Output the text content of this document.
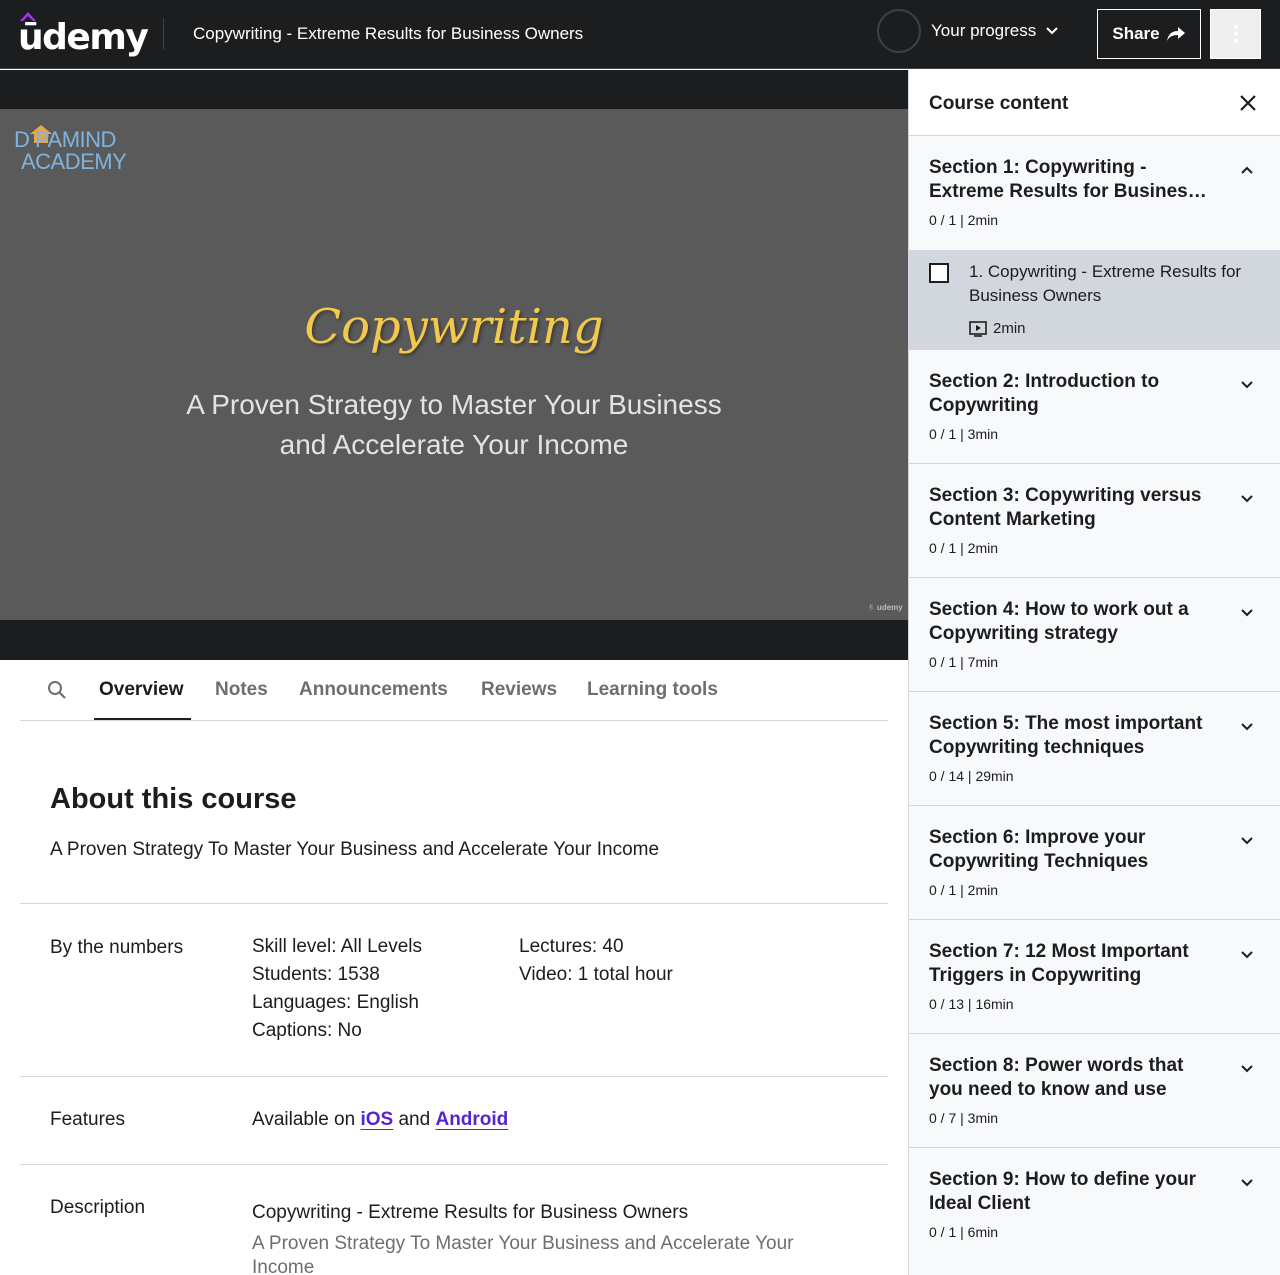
ūdemy	Copywriting - Extreme Results for Business Owners	Your progress	Share
D PAMIND
ACADEMY
Copywriting
A Proven Strategy to Master Your Business
and Accelerate Your Income
✌ udemy
Overview Notes Announcements Reviews Learning tools
About this course
A Proven Strategy To Master Your Business and Accelerate Your Income
By the numbers	Skill level: All Levels
Students: 1538
Languages: English
Captions: No
Lectures: 40
Video: 1 total hour
Features	Available on iOS and Android
Description	Copywriting - Extreme Results for Business Owners
A Proven Strategy To Master Your Business and Accelerate Your
Income
Course content
Section 1: Copywriting - Extreme Results for Busines…
0 / 1 | 2min
1. Copywriting - Extreme Results for Business Owners
2min
Section 2: Introduction to Copywriting
0 / 1 | 3min
Section 3: Copywriting versus Content Marketing
0 / 1 | 2min
Section 4: How to work out a Copywriting strategy
0 / 1 | 7min
Section 5: The most important Copywriting techniques
0 / 14 | 29min
Section 6: Improve your Copywriting Techniques
0 / 1 | 2min
Section 7: 12 Most Important Triggers in Copywriting
0 / 13 | 16min
Section 8: Power words that you need to know and use
0 / 7 | 3min
Section 9: How to define your Ideal Client
0 / 1 | 6min
